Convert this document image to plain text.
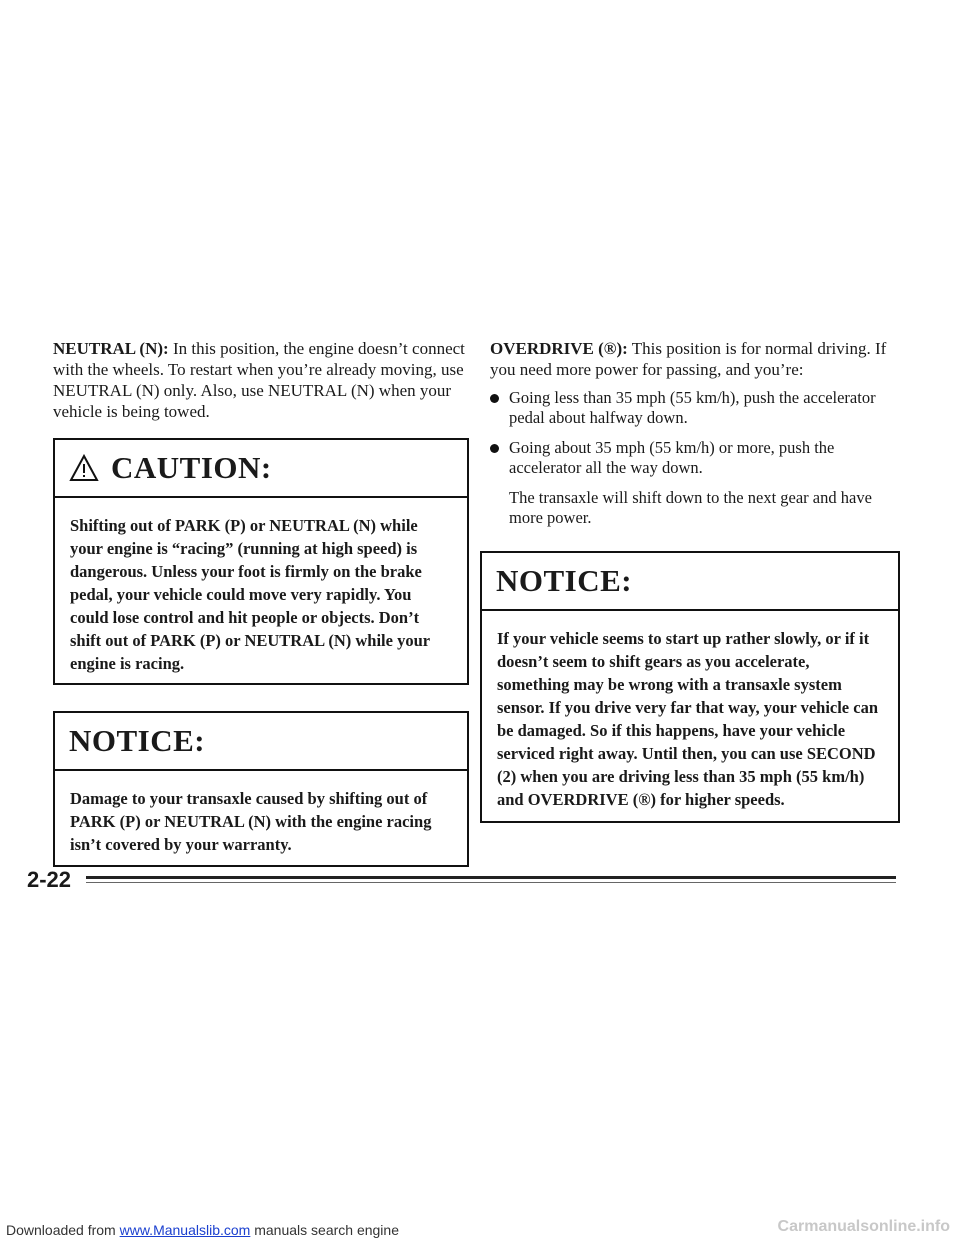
NEUTRAL (N): In this position, the engine doesn’t connect with the wheels. To restart when you’re already moving, use NEUTRAL (N) only. Also, use NEUTRAL (N) when your vehicle is being towed.

CAUTION:
Shifting out of PARK (P) or NEUTRAL (N) while your engine is “racing” (running at high speed) is dangerous. Unless your foot is firmly on the brake pedal, your vehicle could move very rapidly. You could lose control and hit people or objects. Don’t shift out of PARK (P) or NEUTRAL (N) while your engine is racing.
NOTICE:
Damage to your transaxle caused by shifting out of PARK (P) or NEUTRAL (N) with the engine racing isn’t covered by your warranty.

OVERDRIVE (®): This position is for normal driving. If you need more power for passing, and you’re:

Going less than 35 mph (55 km/h), push the accelerator pedal about halfway down.
Going about 35 mph (55 km/h) or more, push the accelerator all the way down.

The transaxle will shift down to the next gear and have more power.

NOTICE:
If your vehicle seems to start up rather slowly, or if it doesn’t seem to shift gears as you accelerate, something may be wrong with a transaxle system sensor. If you drive very far that way, your vehicle can be damaged. So if this happens, have your vehicle serviced right away. Until then, you can use SECOND (2) when you are driving less than 35 mph (55 km/h) and OVERDRIVE (®) for higher speeds.
2-22
Downloaded from www.Manualslib.com manuals search engine	Carmanualsonline.info
